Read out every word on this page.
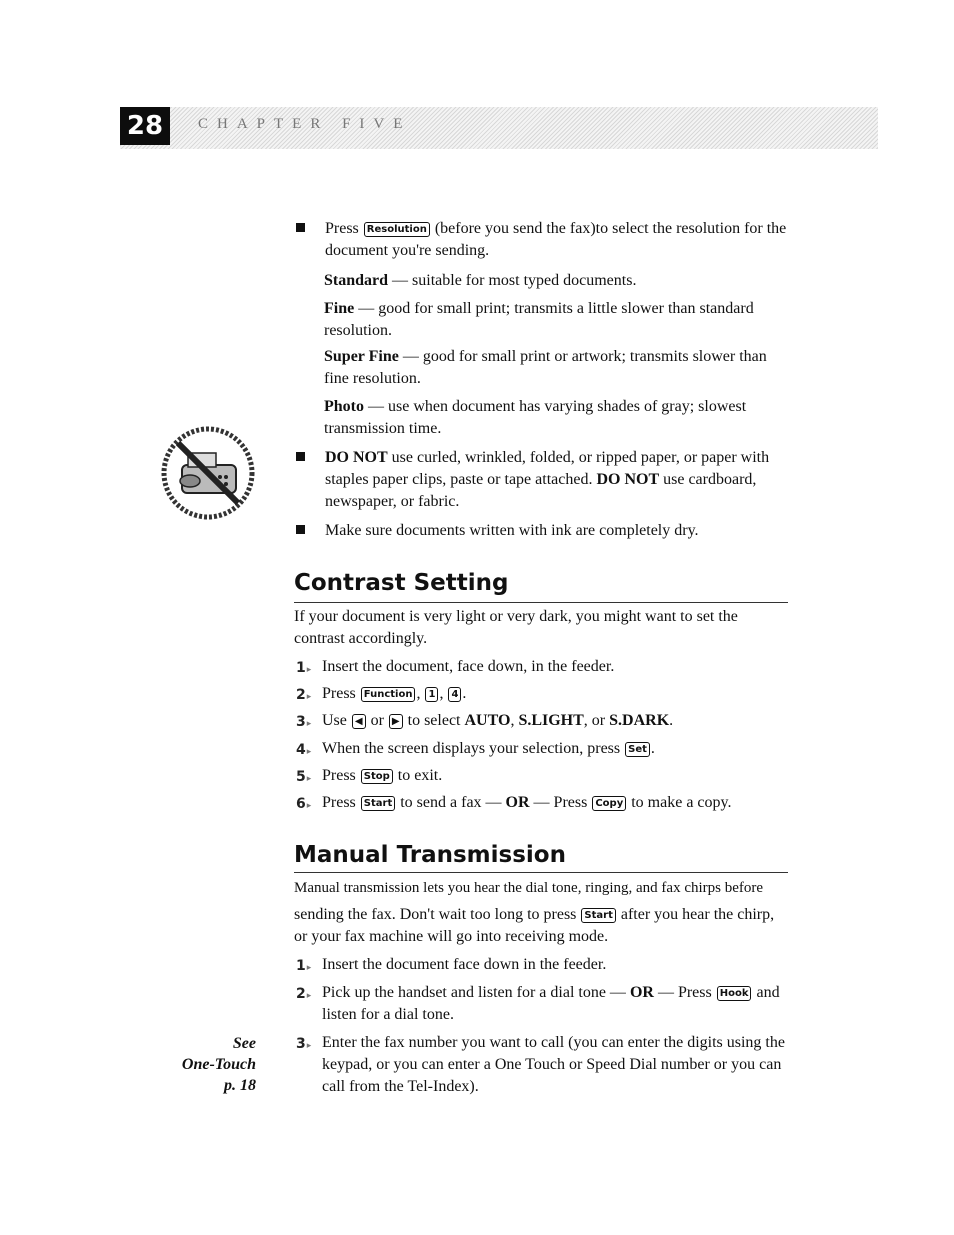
28	CHAPTER FIVE
See
One-Touch
p. 18
Press Resolution (before you send the fax)to select the resolution for the document you're sending.
Standard — suitable for most typed documents.
Fine — good for small print; transmits a little slower than standard resolution.
Super Fine — good for small print or artwork; transmits slower than fine resolution.
Photo — use when document has varying shades of gray; slowest transmission time.
DO NOT use curled, wrinkled, folded, or ripped paper, or paper with staples paper clips, paste or tape attached. DO NOT use cardboard, newspaper, or fabric.
Make sure documents written with ink are completely dry.
Contrast Setting
If your document is very light or very dark, you might want to set the contrast accordingly.
1 ▸	Insert the document, face down, in the feeder.
2 ▸	Press Function , 1 , 4 .
3 ▸	Use ◀ or ▶ to select AUTO, S.LIGHT, or S.DARK.
4 ▸	When the screen displays your selection, press Set .
5 ▸	Press Stop to exit.
6 ▸	Press Start to send a fax — OR — Press Copy to make a copy.
Manual Transmission
Manual transmission lets you hear the dial tone, ringing, and fax chirps before
sending the fax. Don't wait too long to press Start after you hear the chirp, or your fax machine will go into receiving mode.
1 ▸	Insert the document face down in the feeder.
2 ▸	Pick up the handset and listen for a dial tone — OR — Press Hook and listen for a dial tone.
3 ▸	Enter the fax number you want to call (you can enter the digits using the keypad, or you can enter a One Touch or Speed Dial number or you can call from the Tel-Index).
